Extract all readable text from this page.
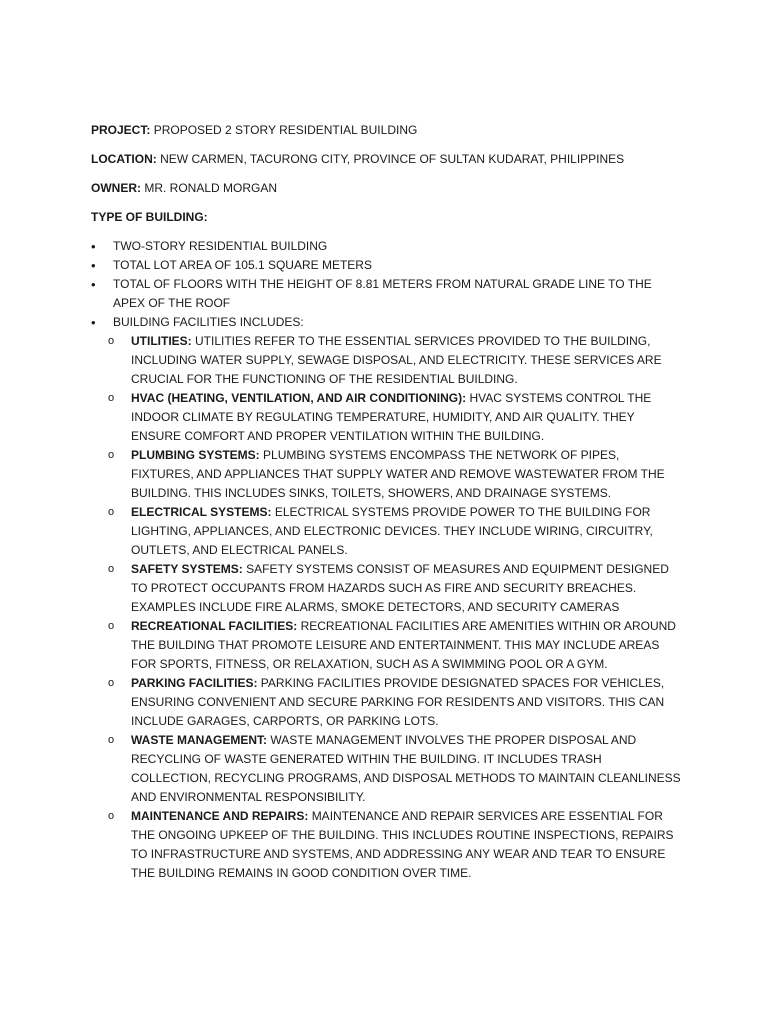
PROJECT: PROPOSED 2 STORY RESIDENTIAL BUILDING
LOCATION: NEW CARMEN, TACURONG CITY, PROVINCE OF SULTAN KUDARAT, PHILIPPINES
OWNER: MR. RONALD MORGAN
TYPE OF BUILDING:
• TWO-STORY RESIDENTIAL BUILDING
• TOTAL LOT AREA OF 105.1 SQUARE METERS
• TOTAL OF FLOORS WITH THE HEIGHT OF 8.81 METERS FROM NATURAL GRADE LINE TO THE APEX OF THE ROOF
• BUILDING FACILITIES INCLUDES:
o UTILITIES: UTILITIES REFER TO THE ESSENTIAL SERVICES PROVIDED TO THE BUILDING, INCLUDING WATER SUPPLY, SEWAGE DISPOSAL, AND ELECTRICITY. THESE SERVICES ARE CRUCIAL FOR THE FUNCTIONING OF THE RESIDENTIAL BUILDING.
o HVAC (HEATING, VENTILATION, AND AIR CONDITIONING): HVAC SYSTEMS CONTROL THE INDOOR CLIMATE BY REGULATING TEMPERATURE, HUMIDITY, AND AIR QUALITY. THEY ENSURE COMFORT AND PROPER VENTILATION WITHIN THE BUILDING.
o PLUMBING SYSTEMS: PLUMBING SYSTEMS ENCOMPASS THE NETWORK OF PIPES, FIXTURES, AND APPLIANCES THAT SUPPLY WATER AND REMOVE WASTEWATER FROM THE BUILDING. THIS INCLUDES SINKS, TOILETS, SHOWERS, AND DRAINAGE SYSTEMS.
o ELECTRICAL SYSTEMS: ELECTRICAL SYSTEMS PROVIDE POWER TO THE BUILDING FOR LIGHTING, APPLIANCES, AND ELECTRONIC DEVICES. THEY INCLUDE WIRING, CIRCUITRY, OUTLETS, AND ELECTRICAL PANELS.
o SAFETY SYSTEMS: SAFETY SYSTEMS CONSIST OF MEASURES AND EQUIPMENT DESIGNED TO PROTECT OCCUPANTS FROM HAZARDS SUCH AS FIRE AND SECURITY BREACHES. EXAMPLES INCLUDE FIRE ALARMS, SMOKE DETECTORS, AND SECURITY CAMERAS
o RECREATIONAL FACILITIES: RECREATIONAL FACILITIES ARE AMENITIES WITHIN OR AROUND THE BUILDING THAT PROMOTE LEISURE AND ENTERTAINMENT. THIS MAY INCLUDE AREAS FOR SPORTS, FITNESS, OR RELAXATION, SUCH AS A SWIMMING POOL OR A GYM.
o PARKING FACILITIES: PARKING FACILITIES PROVIDE DESIGNATED SPACES FOR VEHICLES, ENSURING CONVENIENT AND SECURE PARKING FOR RESIDENTS AND VISITORS. THIS CAN INCLUDE GARAGES, CARPORTS, OR PARKING LOTS.
o WASTE MANAGEMENT: WASTE MANAGEMENT INVOLVES THE PROPER DISPOSAL AND RECYCLING OF WASTE GENERATED WITHIN THE BUILDING. IT INCLUDES TRASH COLLECTION, RECYCLING PROGRAMS, AND DISPOSAL METHODS TO MAINTAIN CLEANLINESS AND ENVIRONMENTAL RESPONSIBILITY.
o MAINTENANCE AND REPAIRS: MAINTENANCE AND REPAIR SERVICES ARE ESSENTIAL FOR THE ONGOING UPKEEP OF THE BUILDING. THIS INCLUDES ROUTINE INSPECTIONS, REPAIRS TO INFRASTRUCTURE AND SYSTEMS, AND ADDRESSING ANY WEAR AND TEAR TO ENSURE THE BUILDING REMAINS IN GOOD CONDITION OVER TIME.
